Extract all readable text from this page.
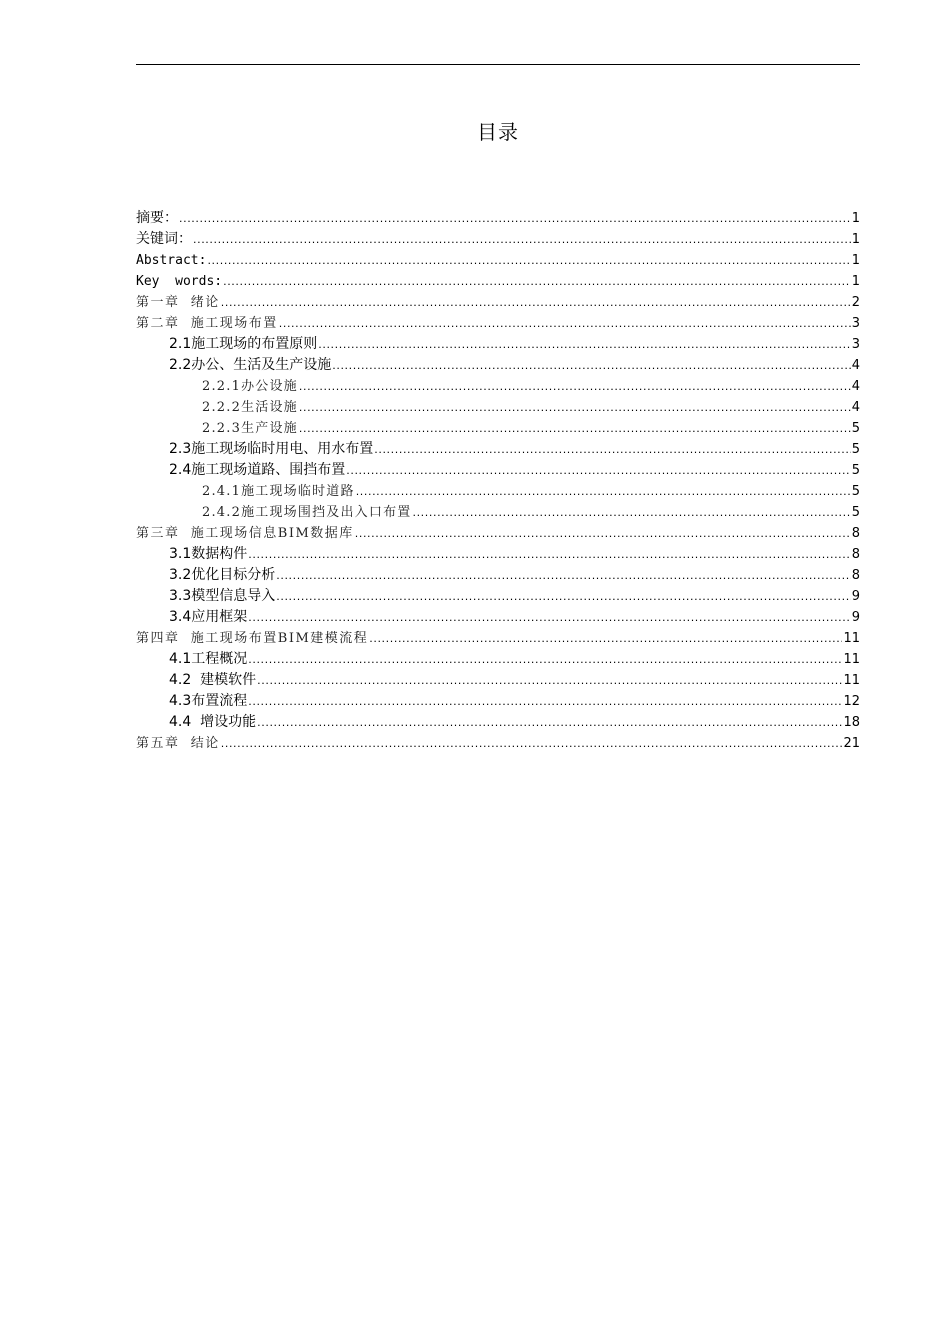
目录
摘要： .....	1
关键词： .....	1
Abstract: .....	1
Key  words: .....	1
第一章  绪论 .....	2
第二章  施工现场布置 .....	3
2.1施工现场的布置原则 .....	3
2.2办公、生活及生产设施 .....	4
2.2.1办公设施 .....	4
2.2.2生活设施 .....	4
2.2.3生产设施 .....	5
2.3施工现场临时用电、用水布置 .....	5
2.4施工现场道路、围挡布置 .....	5
2.4.1施工现场临时道路 .....	5
2.4.2施工现场围挡及出入口布置 .....	5
第三章  施工现场信息BIM数据库 .....	8
3.1数据构件 .....	8
3.2优化目标分析 .....	8
3.3模型信息导入 .....	9
3.4应用框架 .....	9
第四章  施工现场布置BIM建模流程 .....	11
4.1工程概况 .....	11
4.2  建模软件 .....	11
4.3布置流程 .....	12
4.4  增设功能 .....	18
第五章  结论 .....	21
